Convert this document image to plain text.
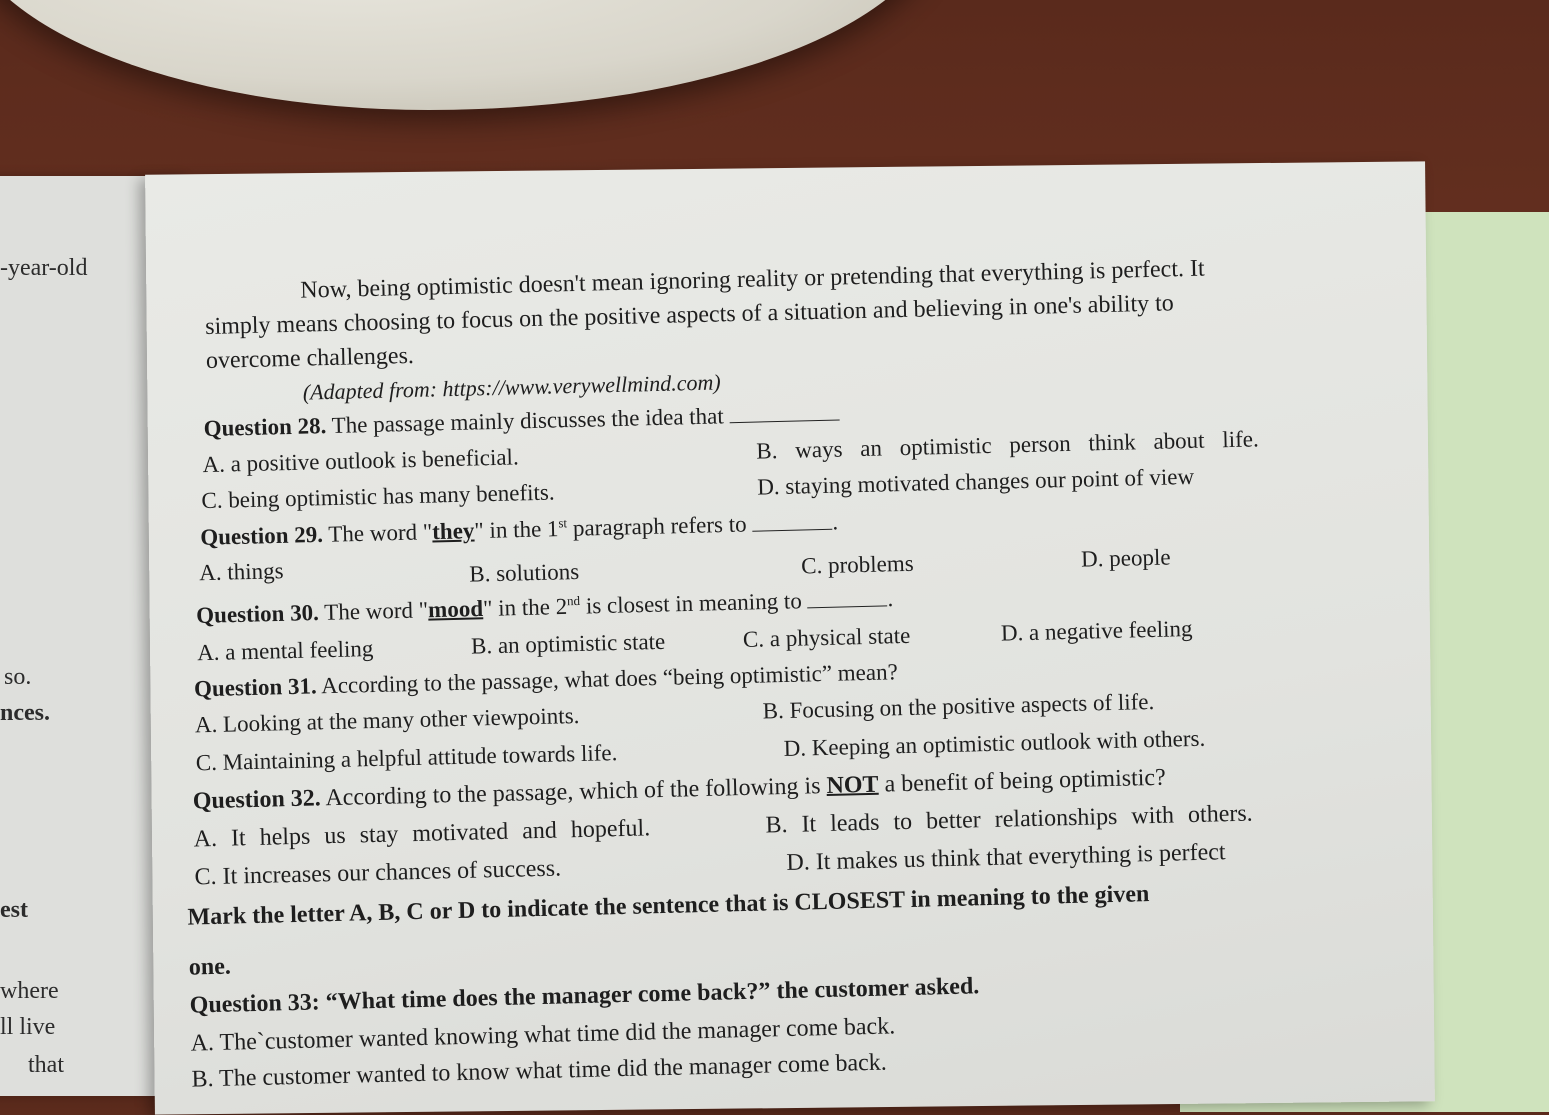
-year-old
so.
nces.
est
where
ll live
that
Now, being optimistic doesn't mean ignoring reality or pretending that everything is perfect. It
simply means choosing to focus on the positive aspects of a situation and believing in one's ability to
overcome challenges.
(Adapted from: https://www.verywellmind.com)
Question 28. The passage mainly discusses the idea that
A. a positive outlook is beneficial.	B. ways an optimistic person think about life.
C. being optimistic has many benefits.	D. staying motivated changes our point of view
Question 29. The word "they" in the 1st paragraph refers to	.
A. things	B. solutions	C. problems	D. people
Question 30. The word "mood" in the 2nd is closest in meaning to	.
A. a mental feeling	B. an optimistic state	C. a physical state	D. a negative feeling
Question 31. According to the passage, what does “being optimistic” mean?
A. Looking at the many other viewpoints.	B. Focusing on the positive aspects of life.
C. Maintaining a helpful attitude towards life.	D. Keeping an optimistic outlook with others.
Question 32. According to the passage, which of the following is NOT a benefit of being optimistic?
A. It helps us stay motivated and hopeful.	B. It leads to better relationships with others.
C. It increases our chances of success.	D. It makes us think that everything is perfect
Mark the letter A, B, C or D to indicate the sentence that is CLOSEST in meaning to the given
one.
Question 33: “What time does the manager come back?” the customer asked.
A. The`customer wanted knowing what time did the manager come back.
B. The customer wanted to know what time did the manager come back.
